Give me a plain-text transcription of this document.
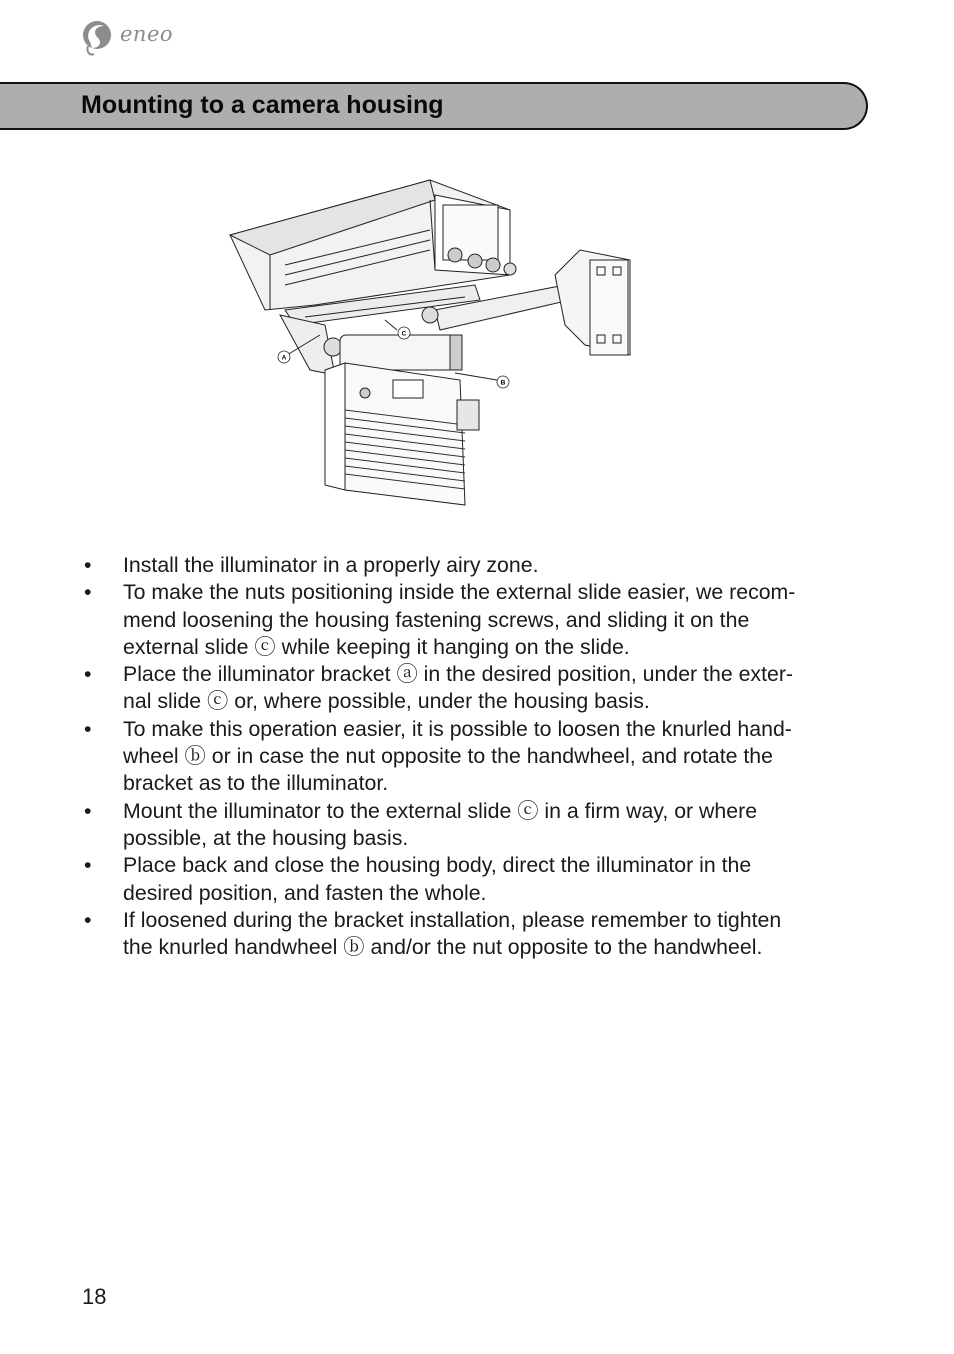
eneo
Mounting to a camera housing
A
C
B
• Install the illuminator in a properly airy zone.
• To make the nuts positioning inside the external slide easier, we recom-
mend loosening the housing fastening screws, and sliding it on the
external slide ⓒ while keeping it hanging on the slide.
• Place the illuminator bracket ⓐ in the desired position, under the exter-
nal slide ⓒ or, where possible, under the housing basis.
• To make this operation easier, it is possible to loosen the knurled hand-
wheel ⓑ or in case the nut opposite to the handwheel, and rotate the
bracket as to the illuminator.
• Mount the illuminator to the external slide ⓒ in a firm way, or where
possible, at the housing basis.
• Place back and close the housing body, direct the illuminator in the
desired position, and fasten the whole.
• If loosened during the bracket installation, please remember to tighten
the knurled handwheel ⓑ and/or the nut opposite to the handwheel.
18
